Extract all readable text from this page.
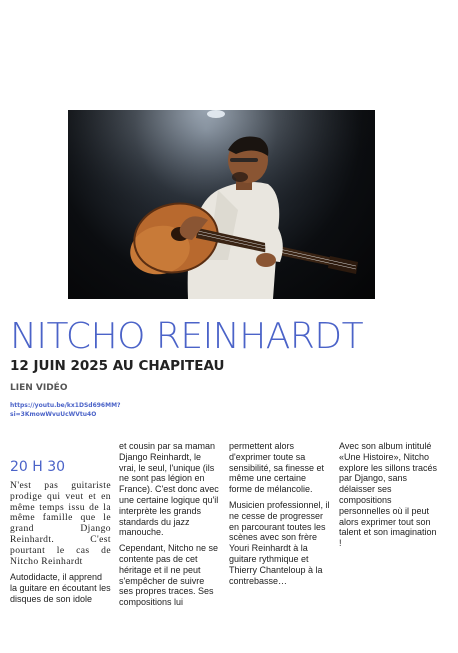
NITCHO REINHARDT
12 JUIN 2025 AU CHAPITEAU
LIEN VIDÉO
https://youtu.be/kx1DSd696MM?si=3KmowWvuUcWVtu4O
20 H 30

N'est pas guitariste prodige qui veut et en même temps issu de la même famille que le grand Django Reinhardt. C'est pourtant le cas de Nitcho Reinhardt

Autodidacte, il apprend la guitare en écoutant les disques de son idole

et cousin par sa maman Django Reinhardt, le vrai, le seul, l'unique (ils ne sont pas légion en France). C'est donc avec une certaine logique qu'il interprète les grands standards du jazz manouche.

Cependant, Nitcho ne se contente pas de cet héritage et il ne peut s'empêcher de suivre ses propres traces. Ses compositions lui

permettent alors d'exprimer toute sa sensibilité, sa finesse et même une certaine forme de mélancolie.

Musicien professionnel, il ne cesse de progresser en parcourant toutes les scènes avec son frère Youri Reinhardt à la guitare rythmique et Thierry Chanteloup à la contrebasse…

Avec son album intitulé «Une Histoire», Nitcho explore les sillons tracés par Django, sans délaisser ses compositions personnelles où il peut alors exprimer tout son talent et son imagination !
